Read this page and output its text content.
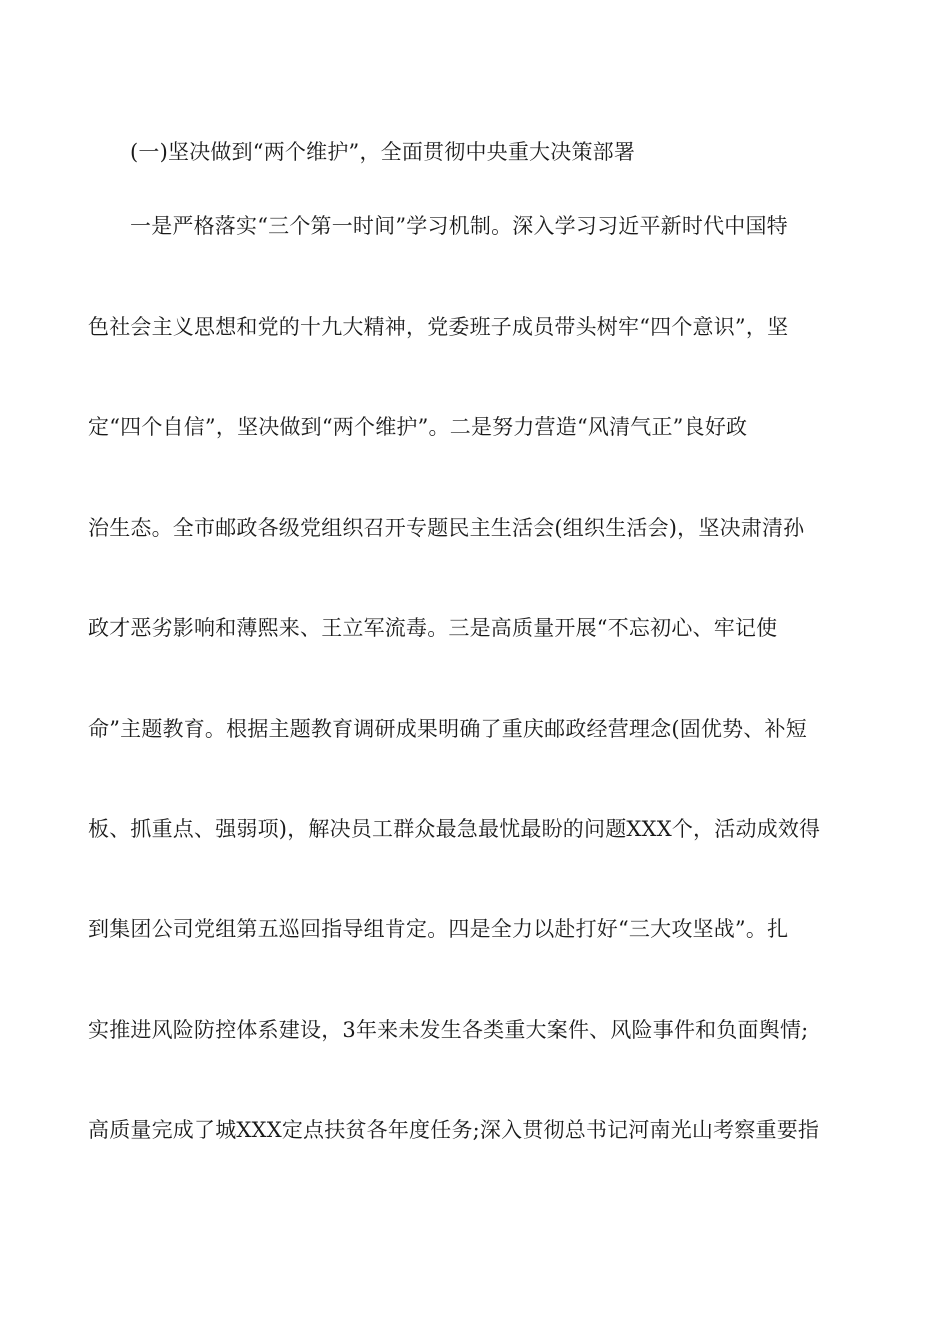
(一)坚决做到“两个维护”，全面贯彻中央重大决策部署
一是严格落实“三个第一时间”学习机制。深入学习习近平新时代中国特
色社会主义思想和党的十九大精神，党委班子成员带头树牢“四个意识”，坚
定“四个自信”，坚决做到“两个维护”。二是努力营造“风清气正”良好政
治生态。全市邮政各级党组织召开专题民主生活会(组织生活会)，坚决肃清孙
政才恶劣影响和薄熙来、王立军流毒。三是高质量开展“不忘初心、牢记使
命”主题教育。根据主题教育调研成果明确了重庆邮政经营理念(固优势、补短
板、抓重点、强弱项)，解决员工群众最急最忧最盼的问题XXX个，活动成效得
到集团公司党组第五巡回指导组肯定。四是全力以赴打好“三大攻坚战”。扎
实推进风险防控体系建设，3年来未发生各类重大案件、风险事件和负面舆情;
高质量完成了城XXX定点扶贫各年度任务;深入贯彻总书记河南光山考察重要指
